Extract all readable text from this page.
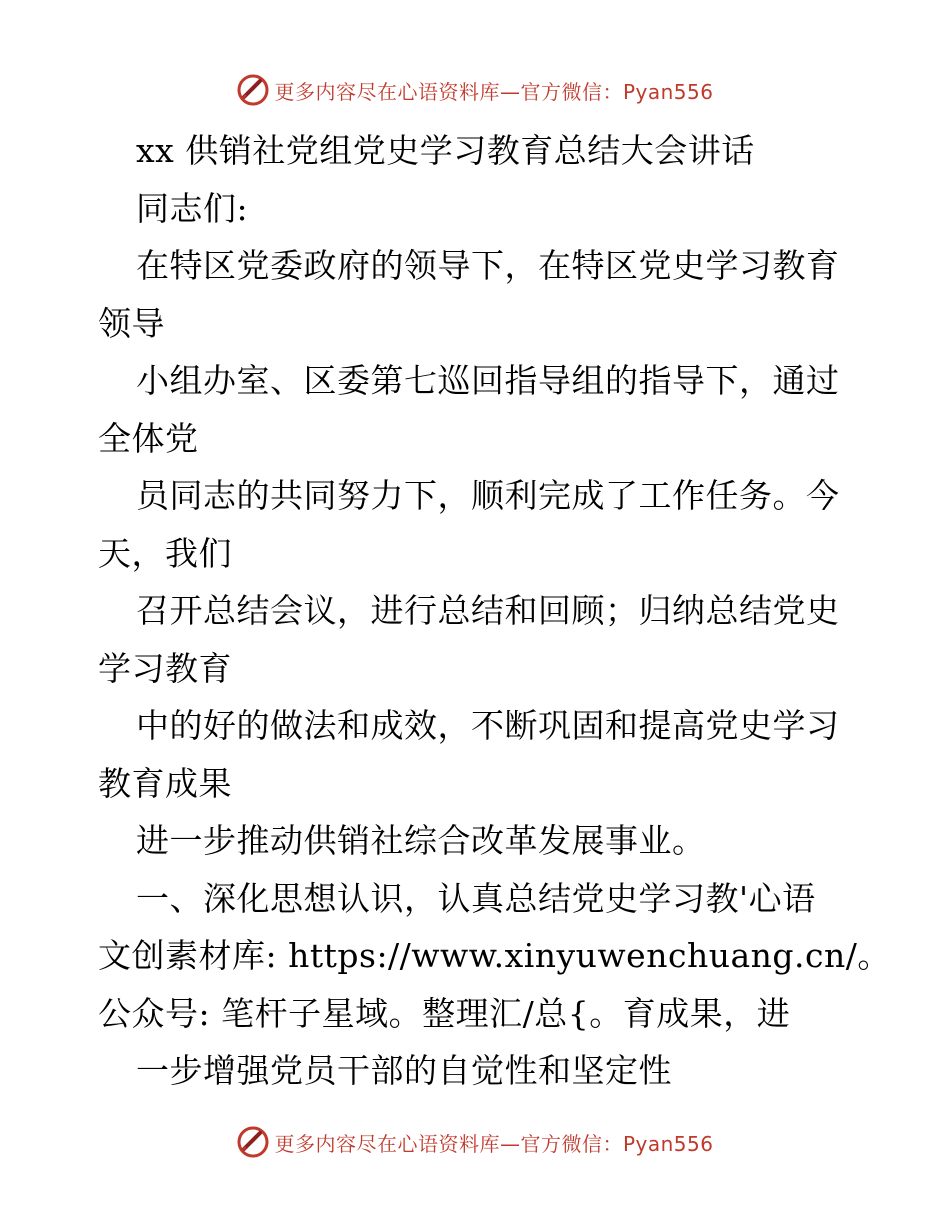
更多内容尽在心语资料库—官方微信：Pyan556
xx 供销社党组党史学习教育总结大会讲话
同志们:
在特区党委政府的领导下，在特区党史学习教育
领导
小组办室、区委第七巡回指导组的指导下，通过
全体党
员同志的共同努力下，顺利完成了工作任务。今
天，我们
召开总结会议，进行总结和回顾；归纳总结党史
学习教育
中的好的做法和成效，不断巩固和提高党史学习
教育成果
进一步推动供销社综合改革发展事业。
一、深化思想认识，认真总结党史学习教'心语
文创素材库: https://www.xinyuwenchuang.cn/。
公众号: 笔杆子星域。整理汇/总{。育成果，进
一步增强党员干部的自觉性和坚定性
更多内容尽在心语资料库—官方微信：Pyan556
